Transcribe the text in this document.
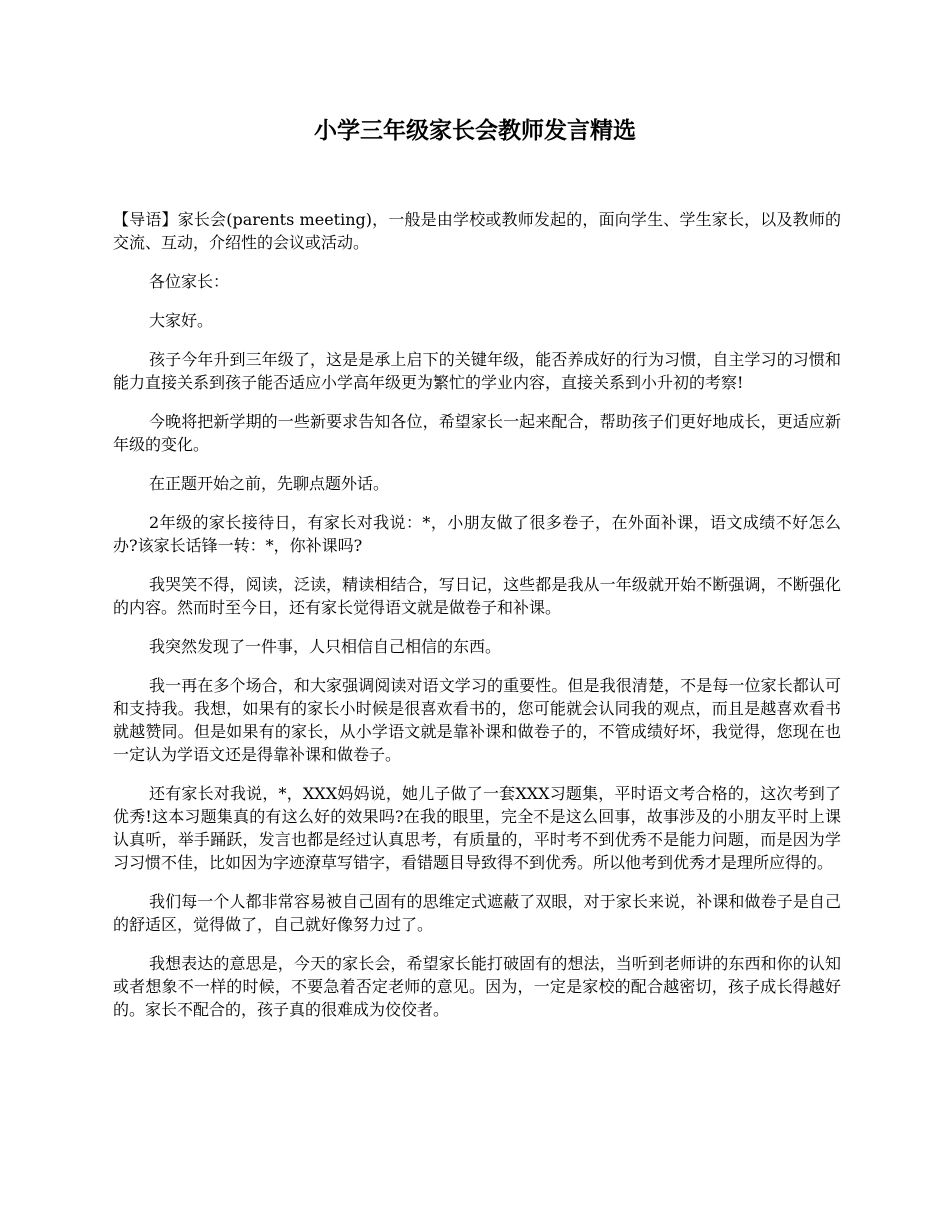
小学三年级家长会教师发言精选

【导语】家长会(parents meeting)，一般是由学校或教师发起的，面向学生、学生家长，以及教师的交流、互动，介绍性的会议或活动。

各位家长：

大家好。

孩子今年升到三年级了，这是是承上启下的关键年级，能否养成好的行为习惯，自主学习的习惯和能力直接关系到孩子能否适应小学高年级更为繁忙的学业内容，直接关系到小升初的考察!

今晚将把新学期的一些新要求告知各位，希望家长一起来配合，帮助孩子们更好地成长，更适应新年级的变化。

在正题开始之前，先聊点题外话。

2年级的家长接待日，有家长对我说：*，小朋友做了很多卷子，在外面补课，语文成绩不好怎么办?该家长话锋一转：*，你补课吗?

我哭笑不得，阅读，泛读，精读相结合，写日记，这些都是我从一年级就开始不断强调，不断强化的内容。然而时至今日，还有家长觉得语文就是做卷子和补课。

我突然发现了一件事，人只相信自己相信的东西。

我一再在多个场合，和大家强调阅读对语文学习的重要性。但是我很清楚，不是每一位家长都认可和支持我。我想，如果有的家长小时候是很喜欢看书的，您可能就会认同我的观点，而且是越喜欢看书就越赞同。但是如果有的家长，从小学语文就是靠补课和做卷子的，不管成绩好坏，我觉得，您现在也一定认为学语文还是得靠补课和做卷子。

还有家长对我说，*，XXX妈妈说，她儿子做了一套XXX习题集，平时语文考合格的，这次考到了优秀!这本习题集真的有这么好的效果吗?在我的眼里，完全不是这么回事，故事涉及的小朋友平时上课认真听，举手踊跃，发言也都是经过认真思考，有质量的，平时考不到优秀不是能力问题，而是因为学习习惯不佳，比如因为字迹潦草写错字，看错题目导致得不到优秀。所以他考到优秀才是理所应得的。

我们每一个人都非常容易被自己固有的思维定式遮蔽了双眼，对于家长来说，补课和做卷子是自己的舒适区，觉得做了，自己就好像努力过了。

我想表达的意思是，今天的家长会，希望家长能打破固有的想法，当听到老师讲的东西和你的认知或者想象不一样的时候，不要急着否定老师的意见。因为，一定是家校的配合越密切，孩子成长得越好的。家长不配合的，孩子真的很难成为佼佼者。
